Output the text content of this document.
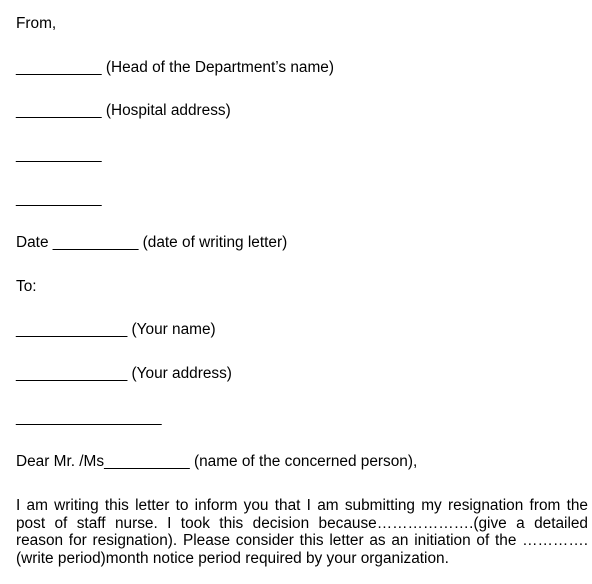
From,
__________ (Head of the Department’s name)
__________ (Hospital address)
__________
__________
Date __________ (date of writing letter)
To:
_____________ (Your name)
_____________ (Your address)
_________________
Dear Mr. /Ms__________ (name of the concerned person),
I am writing this letter to inform you that I am submitting my resignation from the post of staff nurse. I took this decision because……………….(give a detailed reason for resignation). Please consider this letter as an initiation of the …………. (write period)month notice period required by your organization.
